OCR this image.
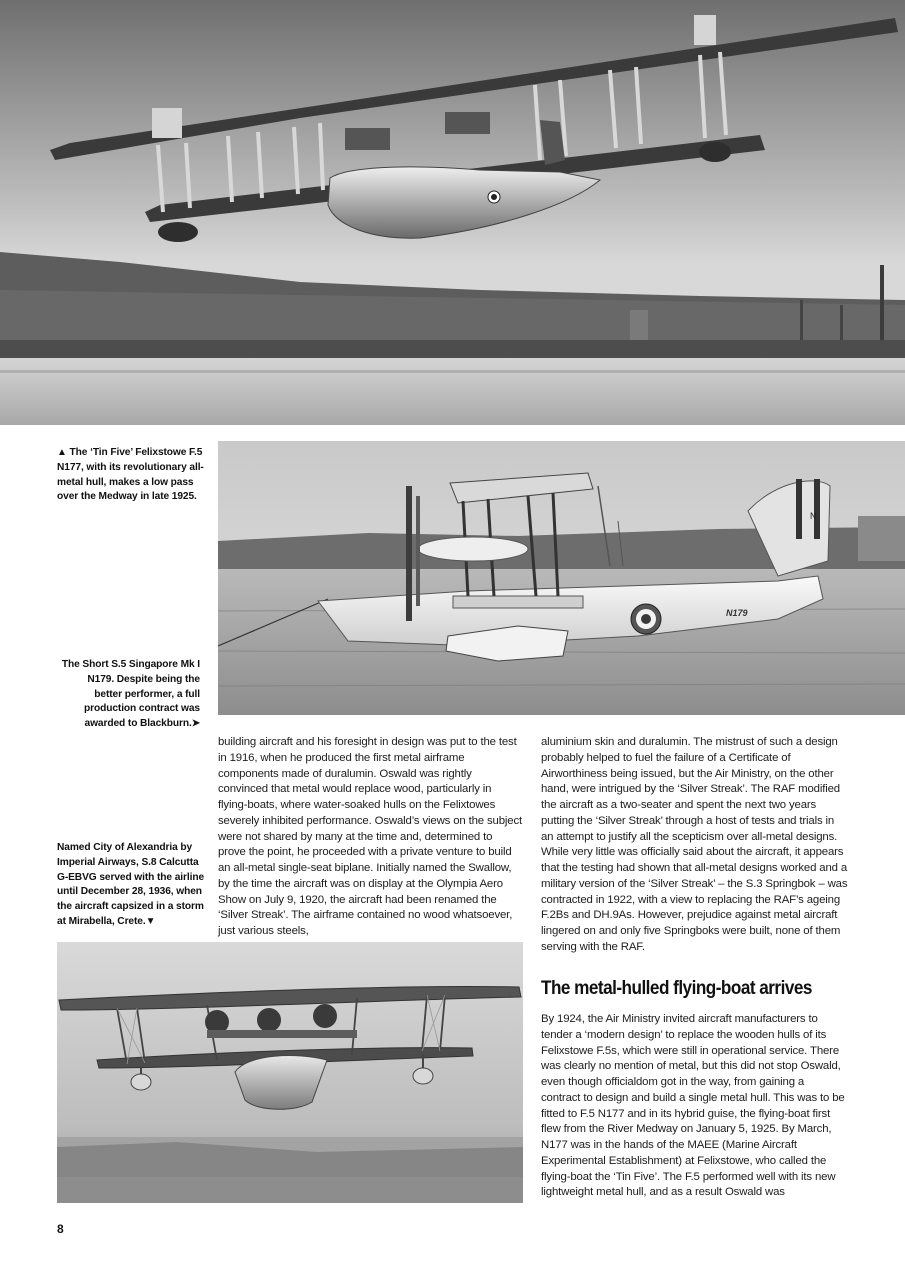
▲ The ‘Tin Five’ Felixstowe F.5 N177, with its revolutionary all-metal hull, makes a low pass over the Medway in late 1925.

N
N179

The Short S.5 Singapore Mk I N179. Despite being the better performer, a full production contract was awarded to Blackburn.➤

Named City of Alexandria by Imperial Airways, S.8 Calcutta G-EBVG served with the airline until December 28, 1936, when the aircraft capsized in a storm at Mirabella, Crete.▼

building aircraft and his foresight in design was put to the test in 1916, when he produced the first metal airframe components made of duralumin. Oswald was rightly convinced that metal would replace wood, particularly in flying-boats, where water-soaked hulls on the Felixtowes severely inhibited performance. Oswald’s views on the subject were not shared by many at the time and, determined to prove the point, he proceeded with a private venture to build an all-metal single-seat biplane. Initially named the Swallow, by the time the aircraft was on display at the Olympia Aero Show on July 9, 1920, the aircraft had been renamed the ‘Silver Streak’. The airframe contained no wood whatsoever, just various steels,

aluminium skin and duralumin. The mistrust of such a design probably helped to fuel the failure of a Certificate of Airworthiness being issued, but the Air Ministry, on the other hand, were intrigued by the ‘Silver Streak’. The RAF modified the aircraft as a two-seater and spent the next two years putting the ‘Silver Streak’ through a host of tests and trials in an attempt to justify all the scepticism over all-metal designs. While very little was officially said about the aircraft, it appears that the testing had shown that all-metal designs worked and a military version of the ‘Silver Streak’ – the S.3 Springbok – was contracted in 1922, with a view to replacing the RAF’s ageing F.2Bs and DH.9As. However, prejudice against metal aircraft lingered on and only five Springboks were built, none of them serving with the RAF.

The metal-hulled flying-boat arrives

By 1924, the Air Ministry invited aircraft manufacturers to tender a ‘modern design’ to replace the wooden hulls of its Felixstowe F.5s, which were still in operational service. There was clearly no mention of metal, but this did not stop Oswald, even though officialdom got in the way, from gaining a contract to design and build a single metal hull. This was to be fitted to F.5 N177 and in its hybrid guise, the flying-boat first flew from the River Medway on January 5, 1925. By March, N177 was in the hands of the MAEE (Marine Aircraft Experimental Establishment) at Felixstowe, who called the flying-boat the ‘Tin Five’. The F.5 performed well with its new lightweight metal hull, and as a result Oswald was

8
